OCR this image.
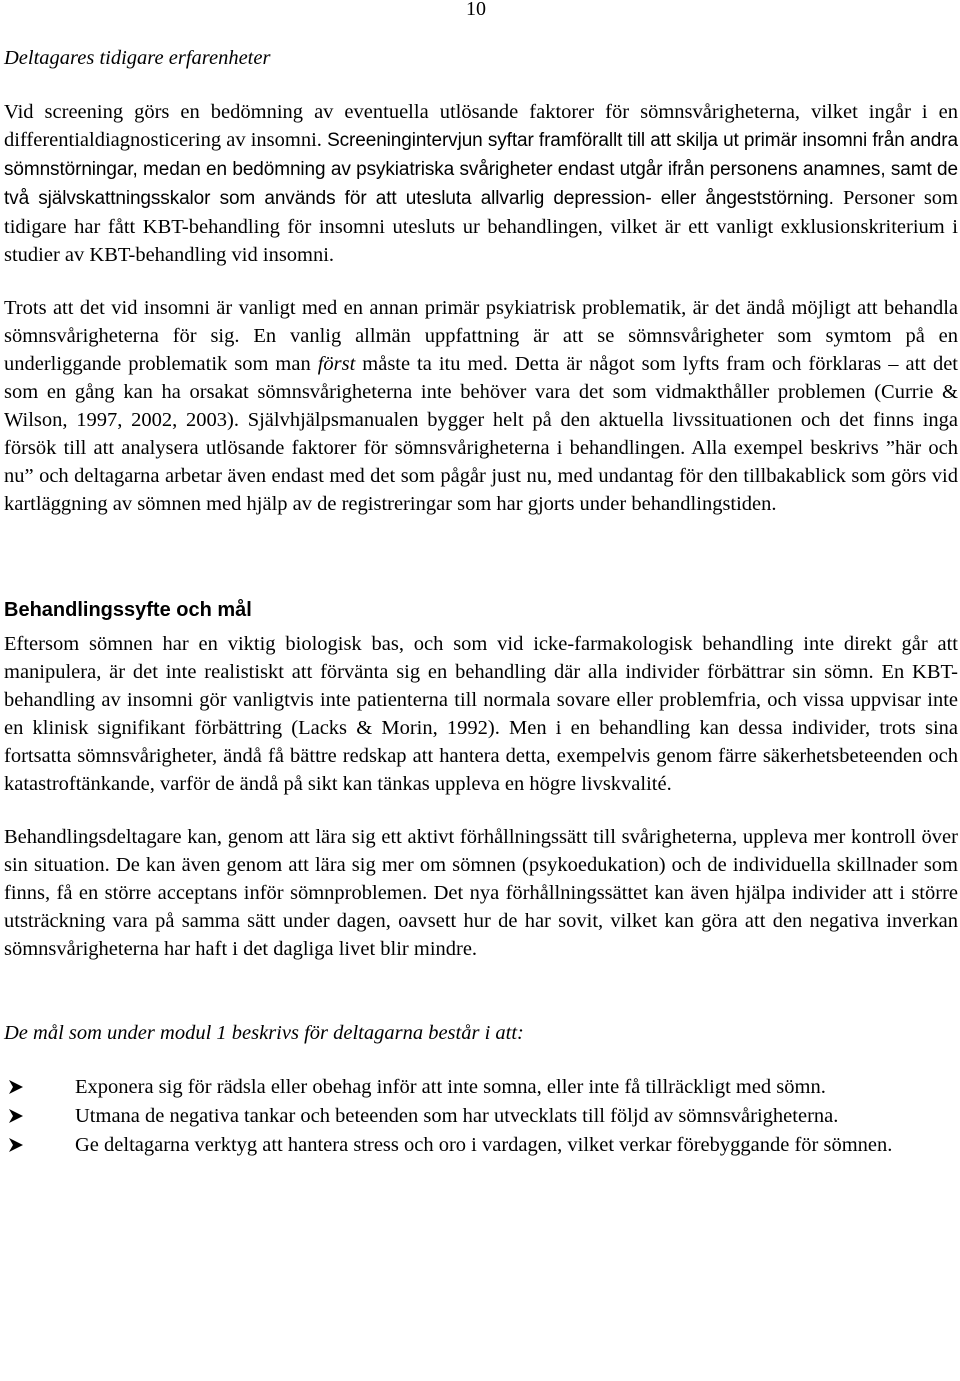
10

Deltagares tidigare erfarenheter

Vid screening görs en bedömning av eventuella utlösande faktorer för sömnsvårigheterna, vilket ingår i en differentialdiagnosticering av insomni. Screeningintervjun syftar framförallt till att skilja ut primär insomni från andra sömnstörningar, medan en bedömning av psykiatriska svårigheter endast utgår ifrån personens anamnes, samt de två självskattningsskalor som används för att utesluta allvarlig depression- eller ångeststörning. Personer som tidigare har fått KBT-behandling för insomni utesluts ur behandlingen, vilket är ett vanligt exklusionskriterium i studier av KBT-behandling vid insomni.

Trots att det vid insomni är vanligt med en annan primär psykiatrisk problematik, är det ändå möjligt att behandla sömnsvårigheterna för sig. En vanlig allmän uppfattning är att se sömnsvårigheter som symtom på en underliggande problematik som man först måste ta itu med. Detta är något som lyfts fram och förklaras – att det som en gång kan ha orsakat sömnsvårigheterna inte behöver vara det som vidmakthåller problemen (Currie & Wilson, 1997, 2002, 2003). Självhjälpsmanualen bygger helt på den aktuella livssituationen och det finns inga försök till att analysera utlösande faktorer för sömnsvårigheterna i behandlingen. Alla exempel beskrivs ”här och nu” och deltagarna arbetar även endast med det som pågår just nu, med undantag för den tillbakablick som görs vid kartläggning av sömnen med hjälp av de registreringar som har gjorts under behandlingstiden.

Behandlingssyfte och mål

Eftersom sömnen har en viktig biologisk bas, och som vid icke-farmakologisk behandling inte direkt går att manipulera, är det inte realistiskt att förvänta sig en behandling där alla individer förbättrar sin sömn. En KBT-behandling av insomni gör vanligtvis inte patienterna till normala sovare eller problemfria, och vissa uppvisar inte en klinisk signifikant förbättring (Lacks & Morin, 1992). Men i en behandling kan dessa individer, trots sina fortsatta sömnsvårigheter, ändå få bättre redskap att hantera detta, exempelvis genom färre säkerhetsbeteenden och katastroftänkande, varför de ändå på sikt kan tänkas uppleva en högre livskvalité.

Behandlingsdeltagare kan, genom att lära sig ett aktivt förhållningssätt till svårigheterna, uppleva mer kontroll över sin situation. De kan även genom att lära sig mer om sömnen (psykoedukation) och de individuella skillnader som finns, få en större acceptans inför sömnproblemen. Det nya förhållningssättet kan även hjälpa individer att i större utsträckning vara på samma sätt under dagen, oavsett hur de har sovit, vilket kan göra att den negativa inverkan sömnsvårigheterna har haft i det dagliga livet blir mindre.

De mål som under modul 1 beskrivs för deltagarna består i att:

Exponera sig för rädsla eller obehag inför att inte somna, eller inte få tillräckligt med sömn.
Utmana de negativa tankar och beteenden som har utvecklats till följd av sömnsvårigheterna.
Ge deltagarna verktyg att hantera stress och oro i vardagen, vilket verkar förebyggande för sömnen.
